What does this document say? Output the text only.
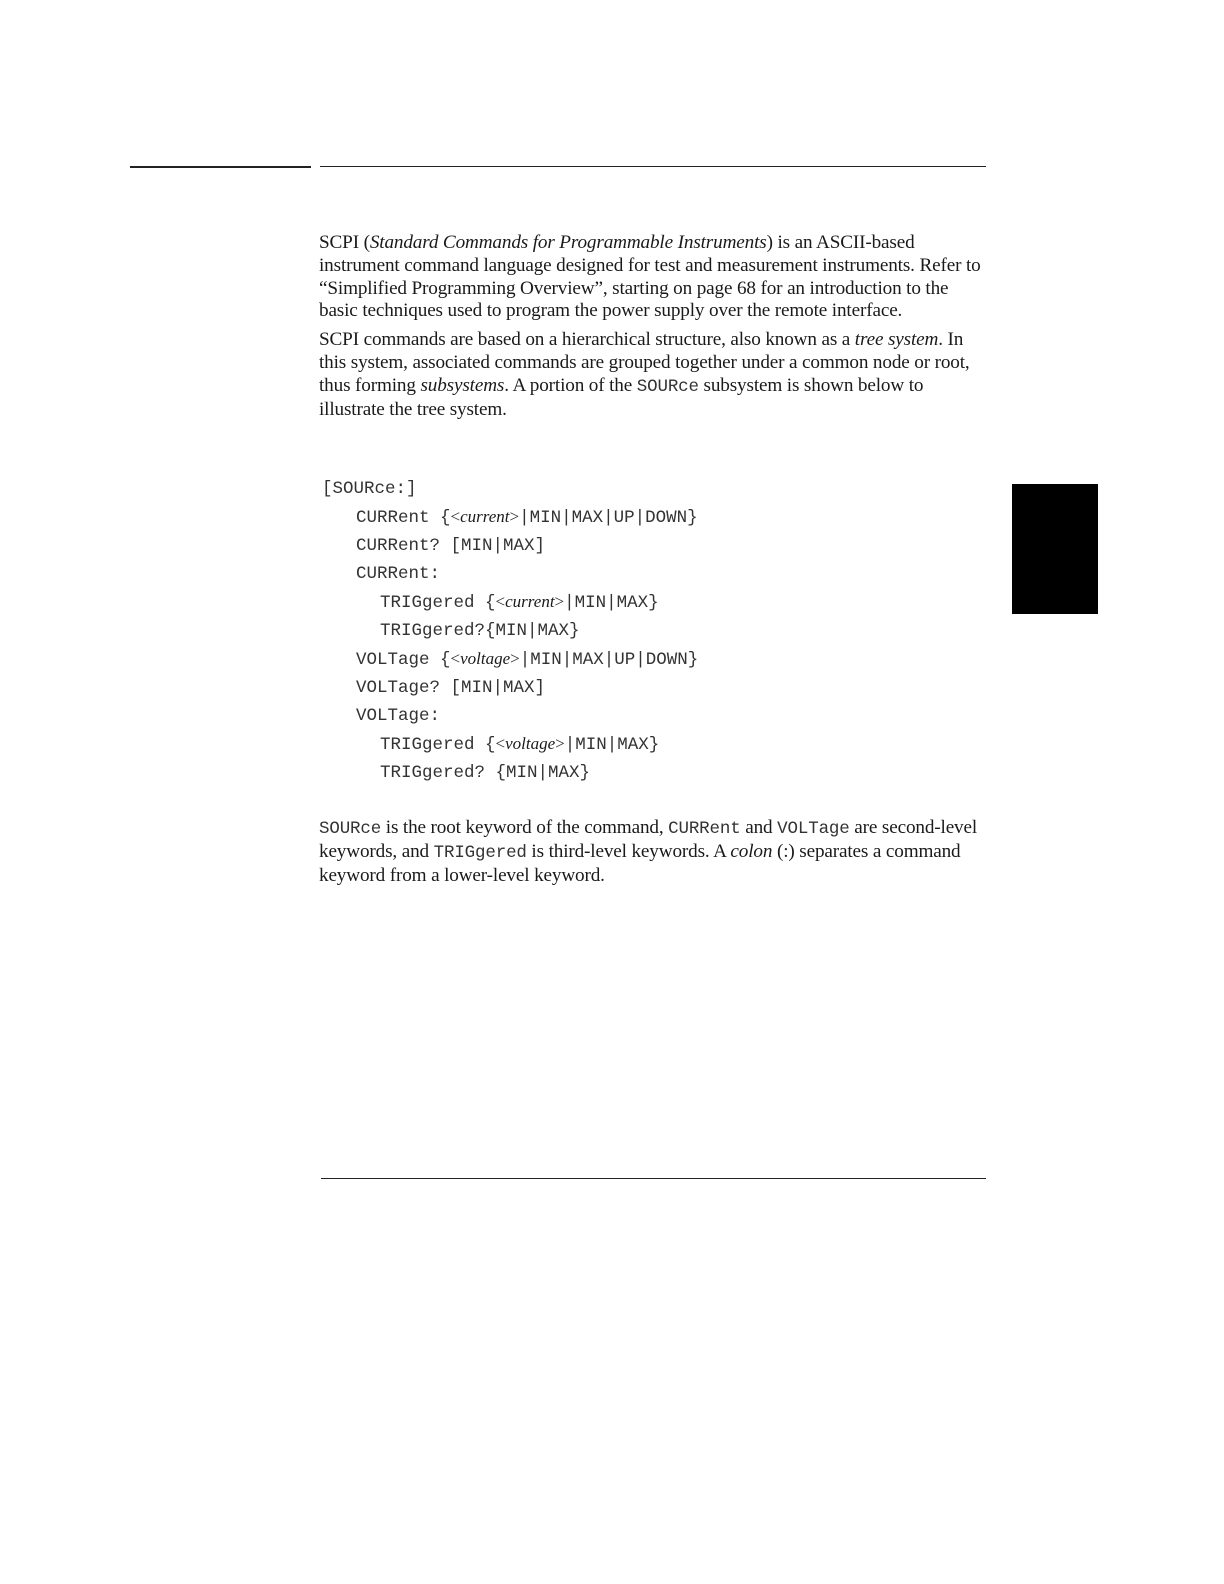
SCPI (Standard Commands for Programmable Instruments) is an ASCII-based instrument command language designed for test and measurement instruments. Refer to “Simplified Programming Overview”, starting on page 68 for an introduction to the basic techniques used to program the power supply over the remote interface.

SCPI commands are based on a hierarchical structure, also known as a tree system. In this system, associated commands are grouped together under a common node or root, thus forming subsystems. A portion of the SOURce subsystem is shown below to illustrate the tree system.

[SOURce:]
CURRent {<current>|MIN|MAX|UP|DOWN}
CURRent? [MIN|MAX]
CURRent:
TRIGgered {<current>|MIN|MAX}
TRIGgered?{MIN|MAX}
VOLTage {<voltage>|MIN|MAX|UP|DOWN}
VOLTage? [MIN|MAX]
VOLTage:
TRIGgered {<voltage>|MIN|MAX}
TRIGgered? {MIN|MAX}

SOURce is the root keyword of the command, CURRent and VOLTage are second-level keywords, and TRIGgered is third-level keywords. A colon (:) separates a command keyword from a lower-level keyword.
